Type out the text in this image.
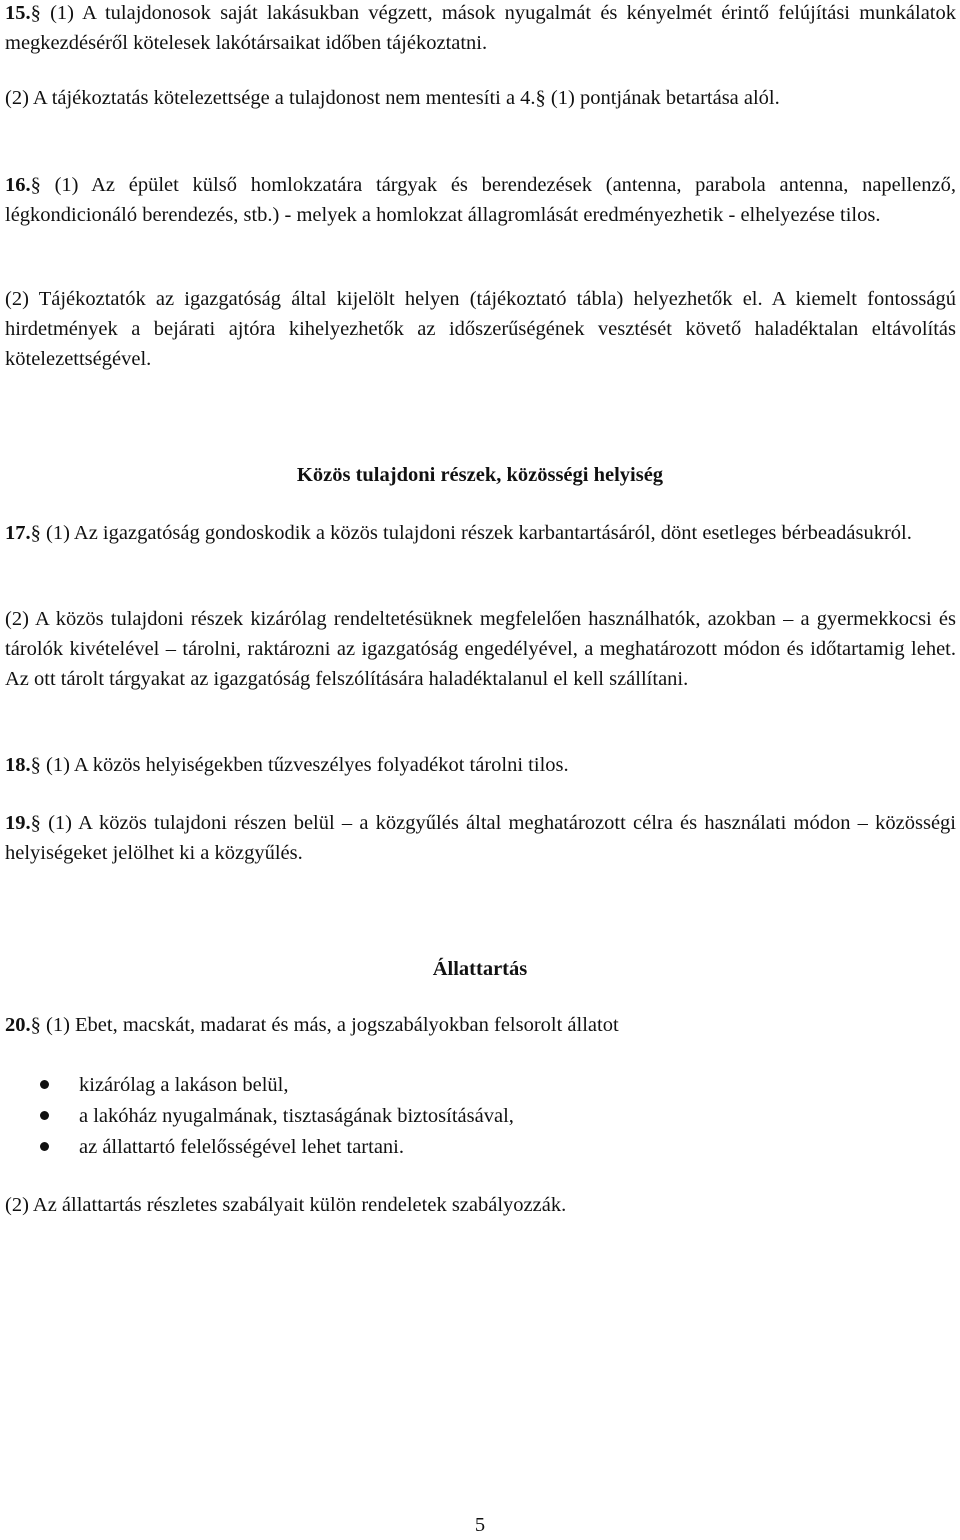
15.§ (1) A tulajdonosok saját lakásukban végzett, mások nyugalmát és kényelmét érintő felújítási munkálatok megkezdéséről kötelesek lakótársaikat időben tájékoztatni.

(2) A tájékoztatás kötelezettsége a tulajdonost nem mentesíti a 4.§ (1) pontjának betartása alól.

16.§ (1) Az épület külső homlokzatára tárgyak és berendezések (antenna, parabola antenna, napellenző, légkondicionáló berendezés, stb.) - melyek a homlokzat állagromlását eredményezhetik - elhelyezése tilos.

(2) Tájékoztatók az igazgatóság által kijelölt helyen (tájékoztató tábla) helyezhetők el. A kiemelt fontosságú hirdetmények a bejárati ajtóra kihelyezhetők az időszerűségének vesztését követő haladéktalan eltávolítás kötelezettségével.

Közös tulajdoni részek, közösségi helyiség

17.§ (1) Az igazgatóság gondoskodik a közös tulajdoni részek karbantartásáról, dönt esetleges bérbeadásukról.

(2) A közös tulajdoni részek kizárólag rendeltetésüknek megfelelően használhatók, azokban – a gyermekkocsi és tárolók kivételével – tárolni, raktározni az igazgatóság engedélyével, a meghatározott módon és időtartamig lehet. Az ott tárolt tárgyakat az igazgatóság felszólítására haladéktalanul el kell szállítani.

18.§ (1) A közös helyiségekben tűzveszélyes folyadékot tárolni tilos.

19.§ (1) A közös tulajdoni részen belül – a közgyűlés által meghatározott célra és használati módon – közösségi helyiségeket jelölhet ki a közgyűlés.

Állattartás

20.§ (1) Ebet, macskát, madarat és más, a jogszabályokban felsorolt állatot

kizárólag a lakáson belül,
a lakóház nyugalmának, tisztaságának biztosításával,
az állattartó felelősségével lehet tartani.

(2) Az állattartás részletes szabályait külön rendeletek szabályozzák.

5
